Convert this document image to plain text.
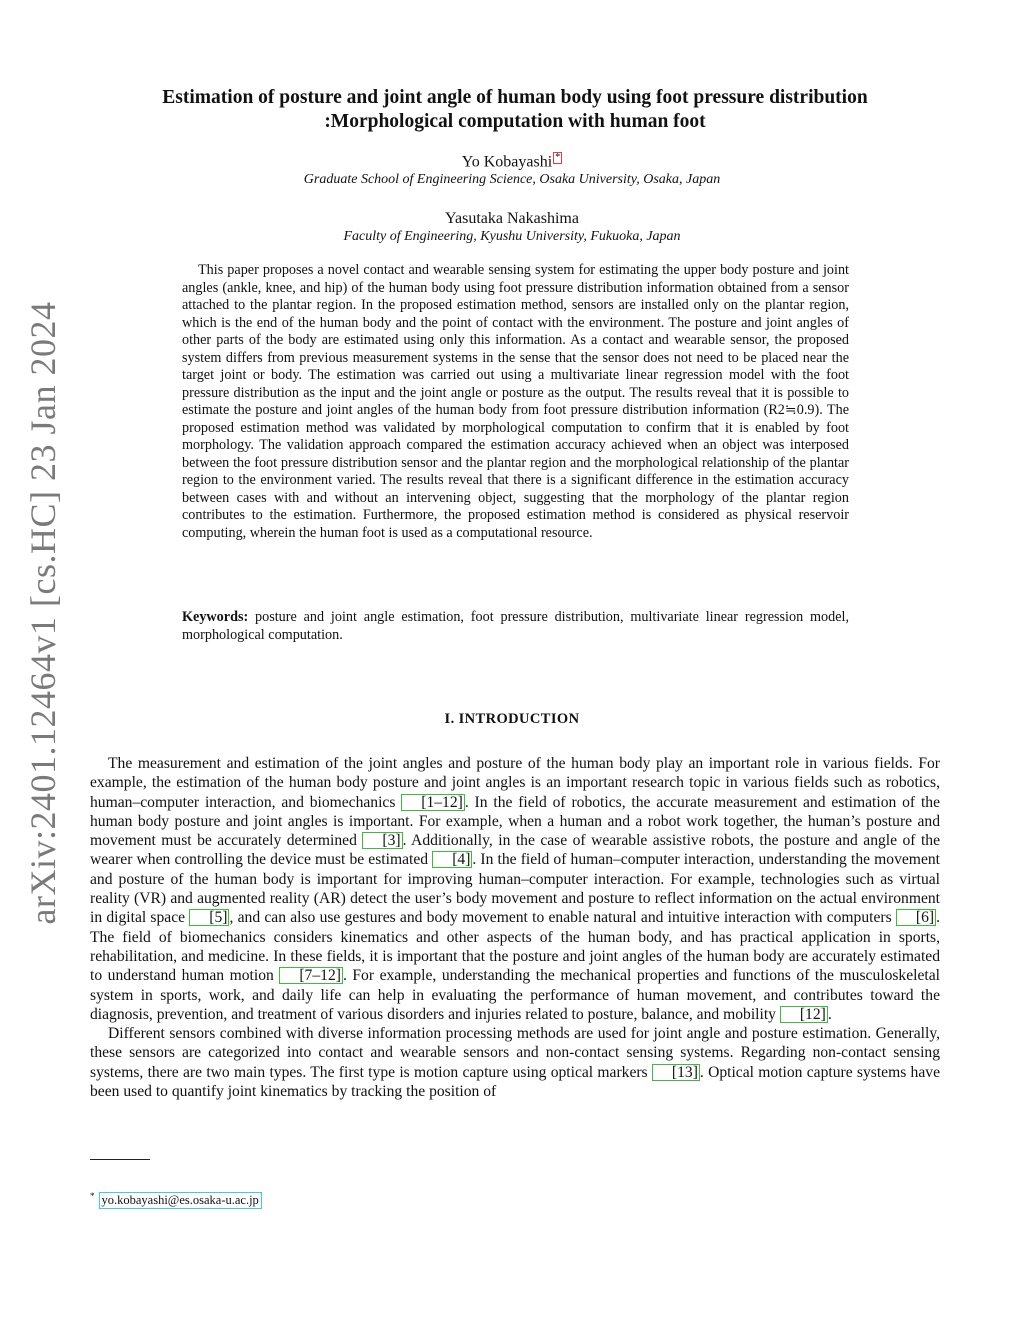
arXiv:2401.12464v1 [cs.HC] 23 Jan 2024
Estimation of posture and joint angle of human body using foot pressure distribution
:Morphological computation with human foot
Yo Kobayashi *
Graduate School of Engineering Science, Osaka University, Osaka, Japan
Yasutaka Nakashima
Faculty of Engineering, Kyushu University, Fukuoka, Japan
This paper proposes a novel contact and wearable sensing system for estimating the upper body posture and joint angles (ankle, knee, and hip) of the human body using foot pressure distribution information obtained from a sensor attached to the plantar region. In the proposed estimation method, sensors are installed only on the plantar region, which is the end of the human body and the point of contact with the environment. The posture and joint angles of other parts of the body are estimated using only this information. As a contact and wearable sensor, the proposed system differs from previous measurement systems in the sense that the sensor does not need to be placed near the target joint or body. The estimation was carried out using a multivariate linear regression model with the foot pressure distribution as the input and the joint angle or posture as the output. The results reveal that it is possible to estimate the posture and joint angles of the human body from foot pressure distribution information (R2≒0.9). The proposed estimation method was validated by morphological computation to confirm that it is enabled by foot morphology. The validation approach compared the estimation accuracy achieved when an object was interposed between the foot pressure distribution sensor and the plantar region and the morphological relationship of the plantar region to the environment varied. The results reveal that there is a significant difference in the estimation accuracy between cases with and without an intervening object, suggesting that the morphology of the plantar region contributes to the estimation. Furthermore, the proposed estimation method is considered as physical reservoir computing, wherein the human foot is used as a computational resource.
Keywords: posture and joint angle estimation, foot pressure distribution, multivariate linear regression model, morphological computation.
I. INTRODUCTION

The measurement and estimation of the joint angles and posture of the human body play an important role in various fields. For example, the estimation of the human body posture and joint angles is an important research topic in various fields such as robotics, human–computer interaction, and biomechanics [1–12] . In the field of robotics, the accurate measurement and estimation of the human body posture and joint angles is important. For example, when a human and a robot work together, the human’s posture and movement must be accurately determined [3] . Additionally, in the case of wearable assistive robots, the posture and angle of the wearer when controlling the device must be estimated [4] . In the field of human–computer interaction, understanding the movement and posture of the human body is important for improving human–computer interaction. For example, technologies such as virtual reality (VR) and augmented reality (AR) detect the user’s body movement and posture to reflect information on the actual environment in digital space [5] , and can also use gestures and body movement to enable natural and intuitive interaction with computers [6] . The field of biomechanics considers kinematics and other aspects of the human body, and has practical application in sports, rehabilitation, and medicine. In these fields, it is important that the posture and joint angles of the human body are accurately estimated to understand human motion [7–12] . For example, understanding the mechanical properties and functions of the musculoskeletal system in sports, work, and daily life can help in evaluating the performance of human movement, and contributes toward the diagnosis, prevention, and treatment of various disorders and injuries related to posture, balance, and mobility [12] .

Different sensors combined with diverse information processing methods are used for joint angle and posture estimation. Generally, these sensors are categorized into contact and wearable sensors and non-contact sensing systems. Regarding non-contact sensing systems, there are two main types. The first type is motion capture using optical markers [13] . Optical motion capture systems have been used to quantify joint kinematics by tracking the position of

* yo.kobayashi@es.osaka-u.ac.jp
